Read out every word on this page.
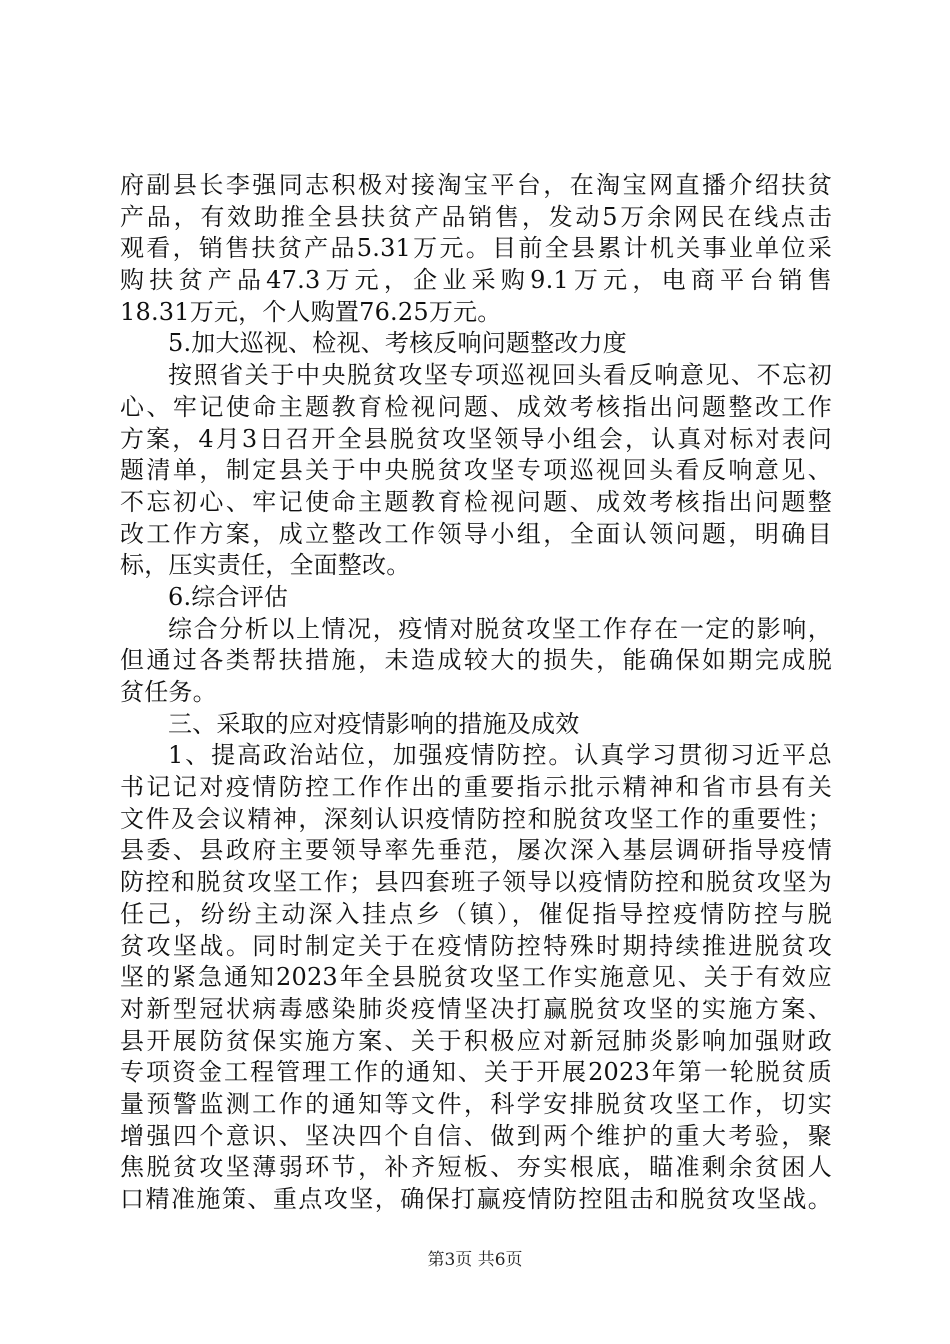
府副县长李强同志积极对接淘宝平台，在淘宝网直播介绍扶贫
产品，有效助推全县扶贫产品销售，发动5万余网民在线点击
观看，销售扶贫产品5.31万元。目前全县累计机关事业单位采
购扶贫产品47.3万元，企业采购9.1万元，电商平台销售
18.31万元，个人购置76.25万元。
5.加大巡视、检视、考核反响问题整改力度
按照省关于中央脱贫攻坚专项巡视回头看反响意见、不忘初
心、牢记使命主题教育检视问题、成效考核指出问题整改工作
方案，4月3日召开全县脱贫攻坚领导小组会，认真对标对表问
题清单，制定县关于中央脱贫攻坚专项巡视回头看反响意见、
不忘初心、牢记使命主题教育检视问题、成效考核指出问题整
改工作方案，成立整改工作领导小组，全面认领问题，明确目
标，压实责任，全面整改。
6.综合评估
综合分析以上情况，疫情对脱贫攻坚工作存在一定的影响，
但通过各类帮扶措施，未造成较大的损失，能确保如期完成脱
贫任务。
三、采取的应对疫情影响的措施及成效
1、提高政治站位，加强疫情防控。认真学习贯彻习近平总
书记记对疫情防控工作作出的重要指示批示精神和省市县有关
文件及会议精神，深刻认识疫情防控和脱贫攻坚工作的重要性；
县委、县政府主要领导率先垂范，屡次深入基层调研指导疫情
防控和脱贫攻坚工作；县四套班子领导以疫情防控和脱贫攻坚为
任己，纷纷主动深入挂点乡（镇），催促指导控疫情防控与脱
贫攻坚战。同时制定关于在疫情防控特殊时期持续推进脱贫攻
坚的紧急通知2023年全县脱贫攻坚工作实施意见、关于有效应
对新型冠状病毒感染肺炎疫情坚决打赢脱贫攻坚的实施方案、
县开展防贫保实施方案、关于积极应对新冠肺炎影响加强财政
专项资金工程管理工作的通知、关于开展2023年第一轮脱贫质
量预警监测工作的通知等文件，科学安排脱贫攻坚工作，切实
增强四个意识、坚决四个自信、做到两个维护的重大考验，聚
焦脱贫攻坚薄弱环节，补齐短板、夯实根底，瞄准剩余贫困人
口精准施策、重点攻坚，确保打赢疫情防控阻击和脱贫攻坚战。
第3页 共6页
